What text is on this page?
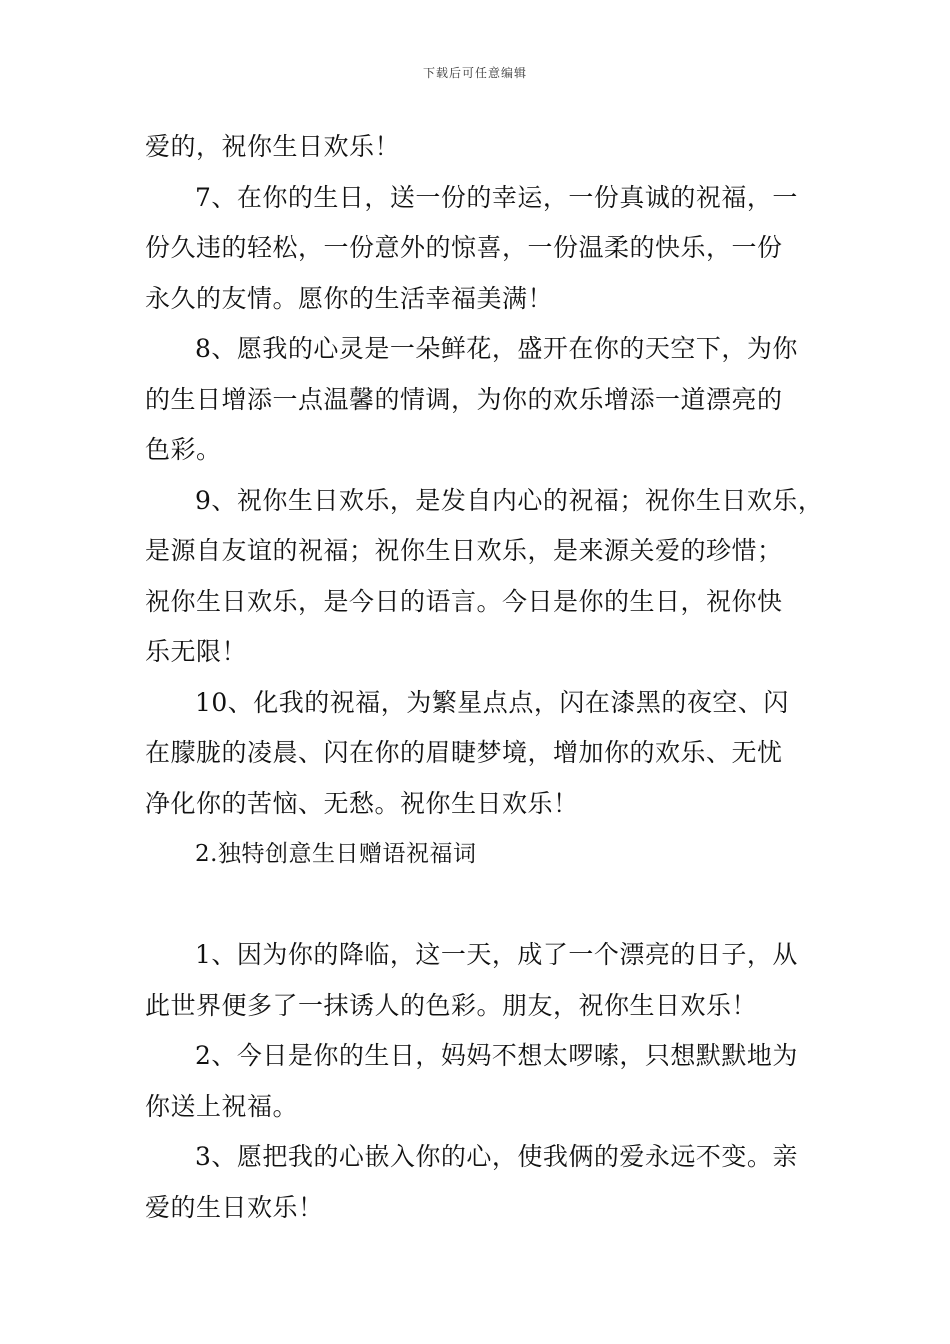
下载后可任意编辑
爱的，祝你生日欢乐！
7、在你的生日，送一份的幸运，一份真诚的祝福，一
份久违的轻松，一份意外的惊喜，一份温柔的快乐，一份
永久的友情。愿你的生活幸福美满！
8、愿我的心灵是一朵鲜花，盛开在你的天空下，为你
的生日增添一点温馨的情调，为你的欢乐增添一道漂亮的
色彩。
9、祝你生日欢乐，是发自内心的祝福；祝你生日欢乐，
是源自友谊的祝福；祝你生日欢乐，是来源关爱的珍惜；
祝你生日欢乐，是今日的语言。今日是你的生日，祝你快
乐无限！
10、化我的祝福，为繁星点点，闪在漆黑的夜空、闪
在朦胧的凌晨、闪在你的眉睫梦境，增加你的欢乐、无忧
净化你的苦恼、无愁。祝你生日欢乐！
2.独特创意生日赠语祝福词
1、因为你的降临，这一天，成了一个漂亮的日子，从
此世界便多了一抹诱人的色彩。朋友，祝你生日欢乐！
2、今日是你的生日，妈妈不想太啰嗦，只想默默地为
你送上祝福。
3、愿把我的心嵌入你的心，使我俩的爱永远不变。亲
爱的生日欢乐！
